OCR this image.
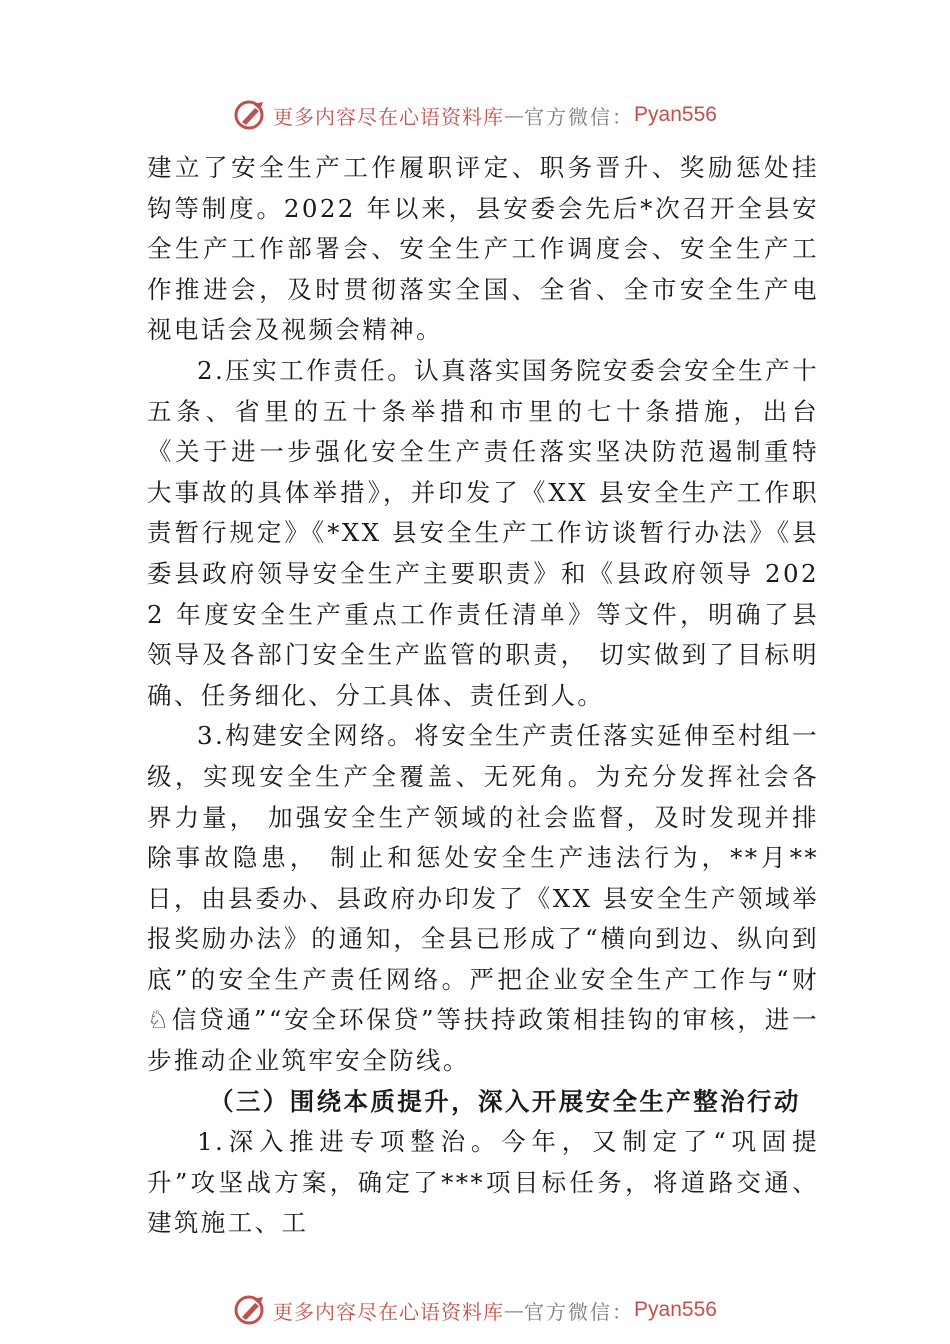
更多内容尽在心语资料库 — 官方微信： Pyan556

建立了安全生产工作履职评定、职务晋升、奖励惩处挂钩等制度。2022 年以来，县安委会先后*次召开全县安全生产工作部署会、安全生产工作调度会、安全生产工作推进会，及时贯彻落实全国、全省、全市安全生产电视电话会及视频会精神。

2.压实工作责任。认真落实国务院安委会安全生产十五条、省里的五十条举措和市里的七十条措施，出台《关于进一步强化安全生产责任落实坚决防范遏制重特大事故的具体举措》，并印发了《XX 县安全生产工作职责暂行规定》《*XX 县安全生产工作访谈暂行办法》《县委县政府领导安全生产主要职责》和《县政府领导 2022 年度安全生产重点工作责任清单》等文件，明确了县领导及各部门安全生产监管的职责， 切实做到了目标明确、任务细化、分工具体、责任到人。

3.构建安全网络。将安全生产责任落实延伸至村组一级，实现安全生产全覆盖、无死角。为充分发挥社会各界力量， 加强安全生产领域的社会监督，及时发现并排除事故隐患， 制止和惩处安全生产违法行为，**月**日，由县委办、县政府办印发了《XX 县安全生产领域举报奖励办法》的通知，全县已形成了“横向到边、纵向到底”的安全生产责任网络。严把企业安全生产工作与“财♘信贷通”“安全环保贷”等扶持政策相挂钩的审核，进一步推动企业筑牢安全防线。

（三）围绕本质提升，深入开展安全生产整治行动

1.深入推进专项整治。今年，又制定了“巩固提升”攻坚战方案，确定了***项目标任务，将道路交通、建筑施工、工

更多内容尽在心语资料库 — 官方微信： Pyan556
